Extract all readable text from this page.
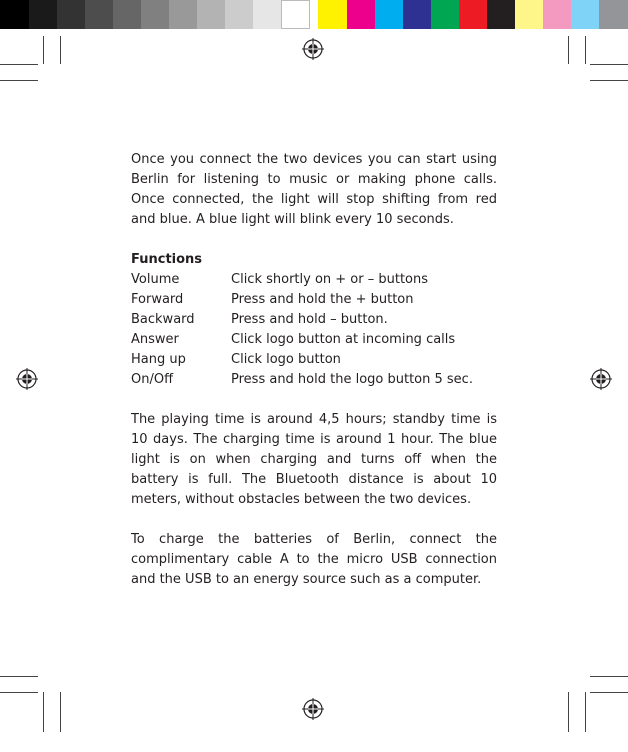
Once you connect the two devices you can start using Berlin for listening to music or making phone calls. Once connected, the light will stop shifting from red and blue. A blue light will blink every 10 seconds.

Functions

Volume	Click shortly on + or – buttons
Forward	Press and hold the + button
Backward	Press and hold – button.
Answer	Click logo button at incoming calls
Hang up	Click logo button
On/Off	Press and hold the logo button 5 sec.

The playing time is around 4,5 hours; standby time is 10 days. The charging time is around 1 hour. The blue light is on when charging and turns off when the battery is full. The Bluetooth distance is about 10 meters, without obstacles between the two devices.

To charge the batteries of Berlin, connect the complimentary cable A to the micro USB connection and the USB to an energy source such as a computer.
